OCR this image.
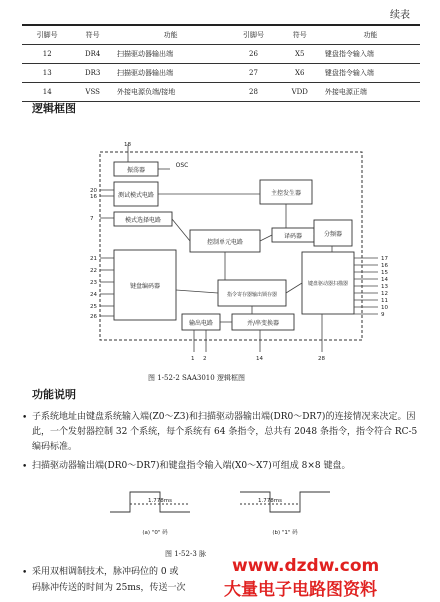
续表
引脚号	符号	功能	引脚号	符号	功能
12	DR4	扫描驱动器输出端	26	X5	键盘指令输入端
13	DR3	扫描驱动器输出端	27	X6	键盘指令输入端
14	VSS	外接电源负端/接地	28	VDD	外接电源正端
逻辑框图
振荡器
OSC
测试模式电路	主控发生器
模式选择电路
控制单元电路
译码器	分频器
键盘编码器
指令寄存器输出锁存器
键盘驱动器扫描器
输出电路	并/串变换器
18
20
16
7
21
22
23
24
25
26
17
16
15
14
13
12
11
10
9
1 2	14	28
图 1-52-2 SAA3010 逻辑框图
功能说明
• 子系统地址由键盘系统输入端(Z0～Z3)和扫描驱动器输出端(DR0～DR7)的连接情况来决定。因此，一个发射器控制 32 个系统，每个系统有 64 条指令，总共有 2048 条指令，指令符合 RC-5 编码标准。
• 扫描驱动器输出端(DR0～DR7)和键盘指令输入端(X0～X7)可组成 8×8 键盘。
1.778ms	1.778ms
(a) "0" 码	(b) "1" 码
图 1-52-3 脉
• 采用双相调制技术，脉冲码位的 0 或
码脉冲传送的时间为 25ms，传送一次
www.dzdw.com
大量电子电路图资料
